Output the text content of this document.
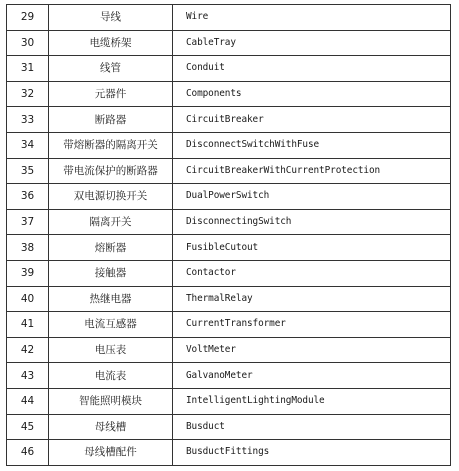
29	导线	Wire
30	电缆桥架	CableTray
31	线管	Conduit
32	元器件	Components
33	断路器	CircuitBreaker
34	带熔断器的隔离开关	DisconnectSwitchWithFuse
35	带电流保护的断路器	CircuitBreakerWithCurrentProtection
36	双电源切换开关	DualPowerSwitch
37	隔离开关	DisconnectingSwitch
38	熔断器	FusibleCutout
39	接触器	Contactor
40	热继电器	ThermalRelay
41	电流互感器	CurrentTransformer
42	电压表	VoltMeter
43	电流表	GalvanoMeter
44	智能照明模块	IntelligentLightingModule
45	母线槽	Busduct
46	母线槽配件	BusductFittings
